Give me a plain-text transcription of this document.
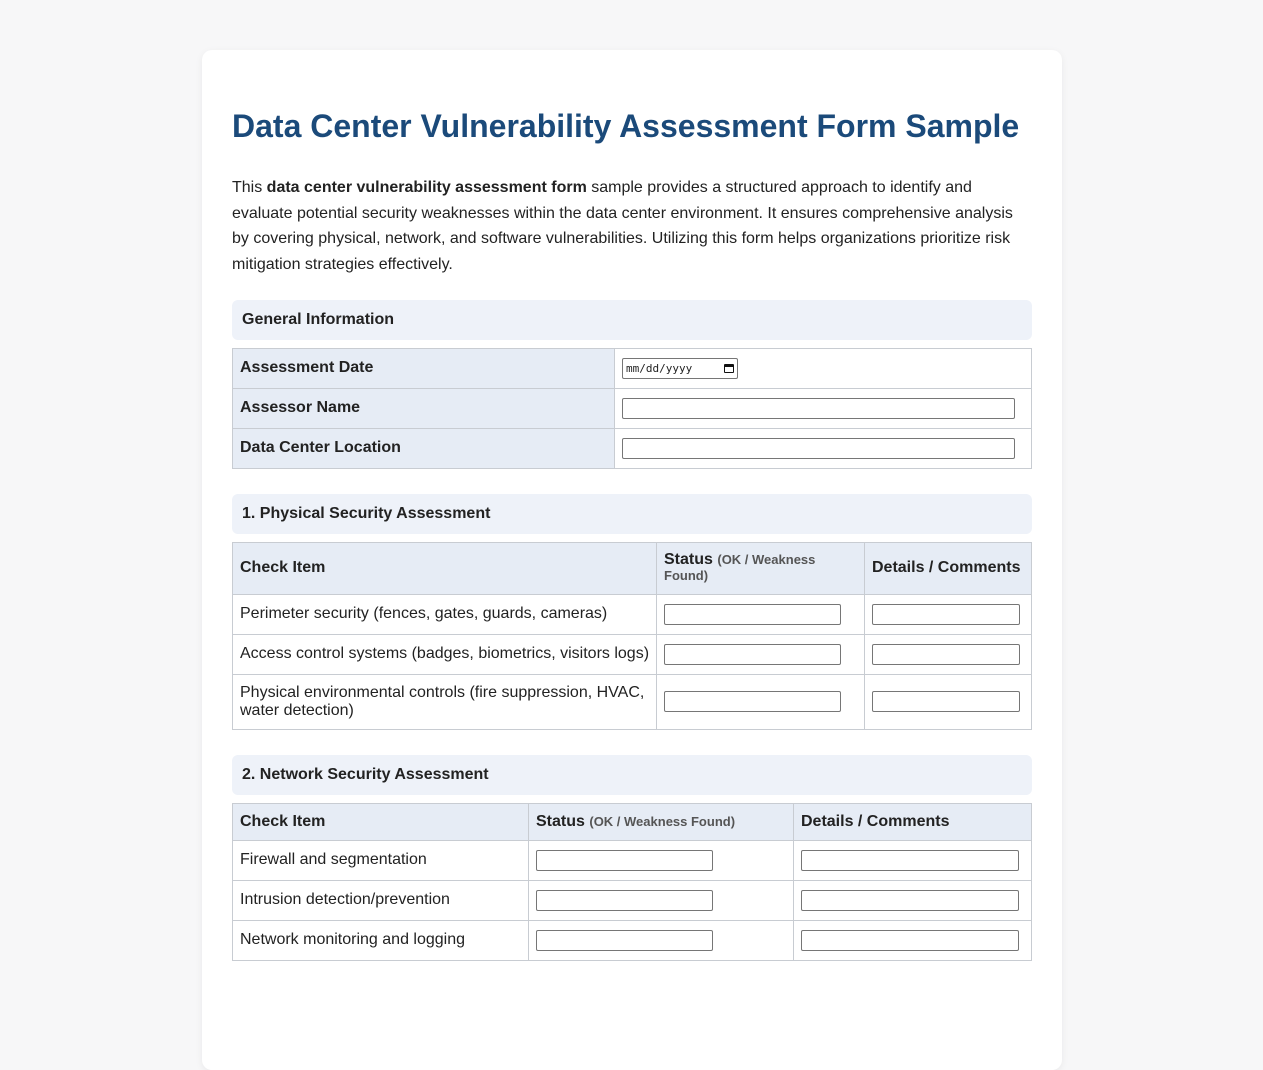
Data Center Vulnerability Assessment Form Sample

This data center vulnerability assessment form sample provides a structured approach to identify and evaluate potential security weaknesses within the data center environment. It ensures comprehensive analysis by covering physical, network, and software vulnerabilities. Utilizing this form helps organizations prioritize risk mitigation strategies effectively.

General Information
Assessment Date	mm/dd/yyyy

Assessor Name	
Data Center Location	
1. Physical Security Assessment
Check Item	Status (OK / Weakness Found)	Details / Comments
Perimeter security (fences, gates, guards, cameras)		
Access control systems (badges, biometrics, visitors logs)		
Physical environmental controls (fire suppression, HVAC, water detection)		
2. Network Security Assessment
Check Item	Status (OK / Weakness Found)	Details / Comments
Firewall and segmentation		
Intrusion detection/prevention		
Network monitoring and logging		
